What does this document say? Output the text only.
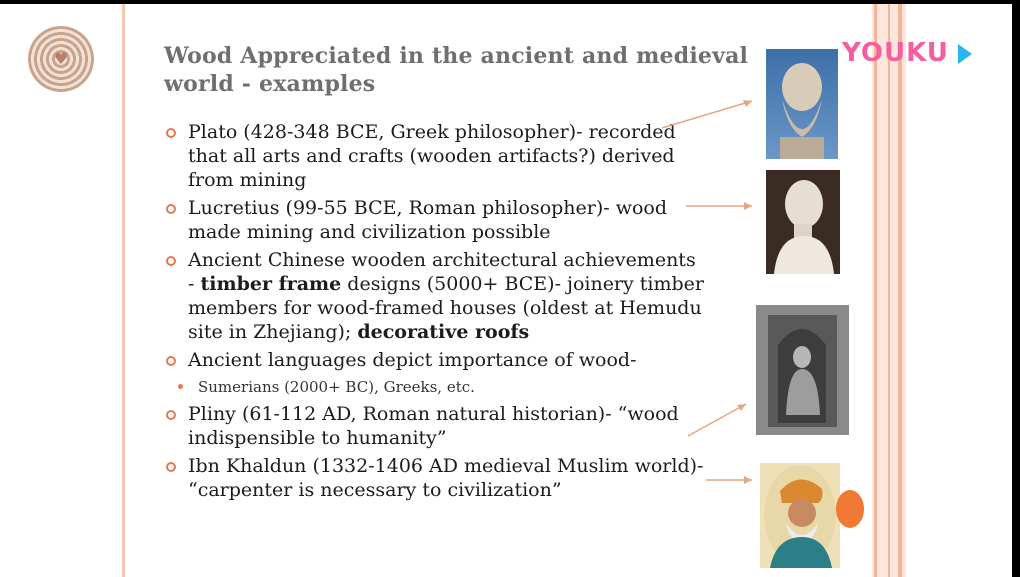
♥	Wood Appreciated in the ancient and medieval world - examples
Plato (428-348 BCE, Greek philosopher)- recorded that all arts and crafts (wooden artifacts?) derived from mining
Lucretius (99-55 BCE, Roman philosopher)- wood made mining and civilization possible
Ancient Chinese wooden architectural achievements - timber frame designs (5000+ BCE)- joinery timber members for wood-framed houses (oldest at Hemudu site in Zhejiang); decorative roofs
Ancient languages depict importance of wood-
Sumerians (2000+ BC), Greeks, etc.
Pliny (61-112 AD, Roman natural historian)- “wood indispensible to humanity”
Ibn Khaldun (1332-1406 AD medieval Muslim world)- “carpenter is necessary to civilization”
YOUKU
